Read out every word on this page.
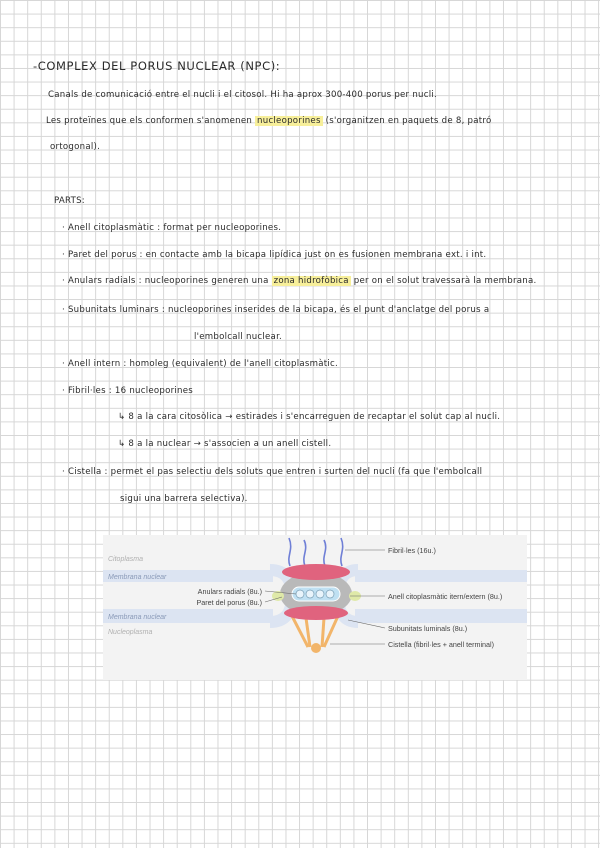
-COMPLEX DEL PORUS NUCLEAR (NPC):
Canals de comunicació entre el nucli i el citosol. Hi ha aprox 300-400 porus per nucli.
Les proteïnes que els conformen s'anomenen nucleoporines (s'organitzen en paquets de 8, patró
ortogonal).
PARTS:
· Anell citoplasmàtic : format per nucleoporines.
· Paret del porus : en contacte amb la bicapa lipídica just on es fusionen membrana ext. i int.
· Anulars radials : nucleoporines generen una zona hidrofòbica per on el solut travessarà la membrana.
· Subunitats luminars : nucleoporines inserides de la bicapa, és el punt d'anclatge del porus a
l'embolcall nuclear.
· Anell intern : homoleg (equivalent) de l'anell citoplasmàtic.
· Fibril·les : 16 nucleoporines
↳ 8 a la cara citosòlica → estirades i s'encarreguen de recaptar el solut cap al nucli.
↳ 8 a la nuclear → s'associen a un anell cistell.
· Cistella : permet el pas selectiu dels soluts que entren i surten del nucli (fa que l'embolcall
sigui una barrera selectiva).
Citoplasma
Membrana nuclear
Membrana nuclear
Nucleoplasma
Fibril·les (16u.)
Anulars radials (8u.)
Paret del porus (8u.)
Anell citoplasmàtic itern/extern (8u.)
Subunitats luminals (8u.)
Cistella (fibril·les + anell terminal)
